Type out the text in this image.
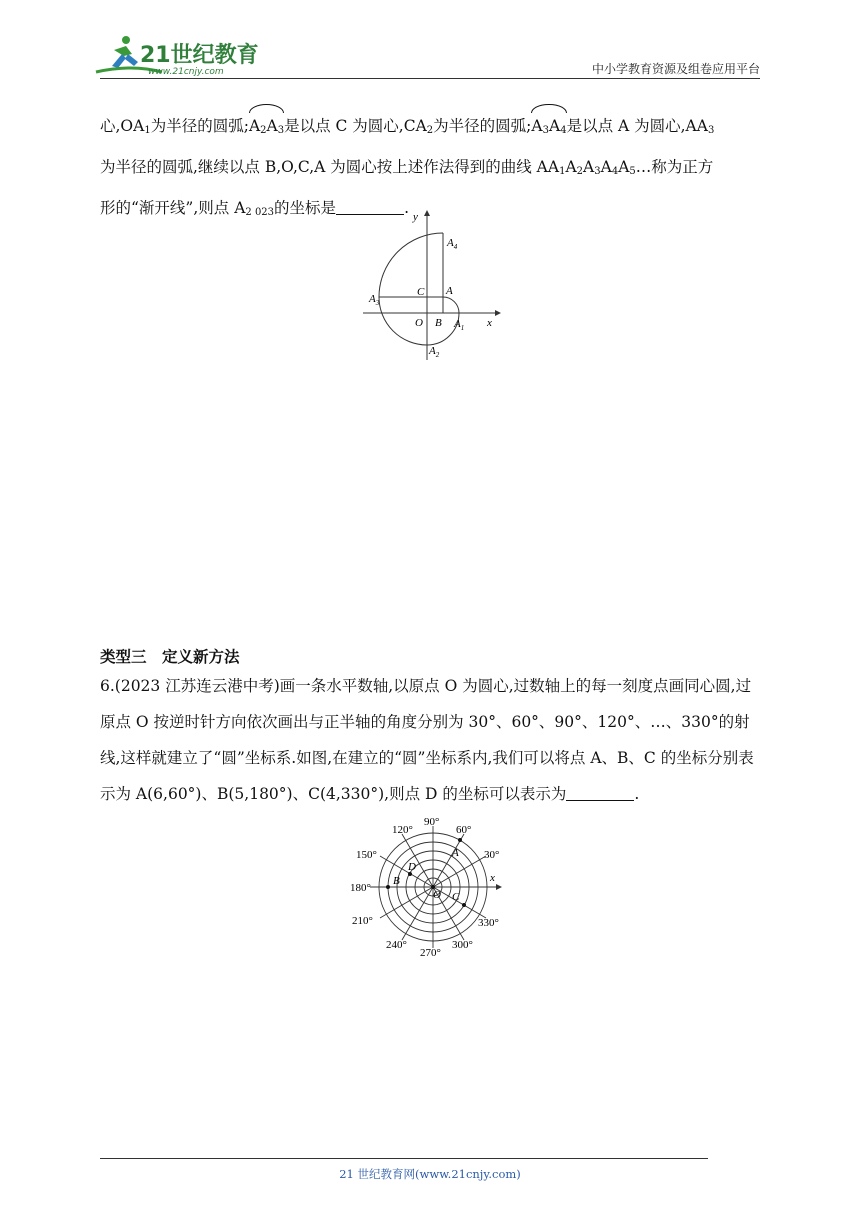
21世纪教育
www.21cnjy.com	中小学教育资源及组卷应用平台

心$,OA_1$为半径的圆弧$;A_2A_3$是以点 C 为圆心$,CA_2$为半径的圆弧$;A_3A_4$是以点 A 为圆心$,AA_3$
为半径的圆弧,继续以点 B,O,C,A 为圆心按上述作法得到的曲线 $AA_1A_2A_3A_4A_5\dots$称为正方
形的“渐开线”,则点 $A_{2 023}$的坐标是	. y
x
$A_4$
C A
$A_3$
O B $A_1$
$A_2$

类型三　定义新方法

6.(2023 江苏连云港中考)画一条水平数轴,以原点 O 为圆心,过数轴上的每一刻度点画同心圆,过原点 O 按逆时针方向依次画出与正半轴的角度分别为 30°、60°、90°、120°、…、330°的射线,这样就建立了“圆”坐标系.如图,在建立的“圆”坐标系内,我们可以将点 A、B、C 的坐标分别表示为 A(6,60°)、B(5,180°)、C(4,330°),则点 D 的坐标可以表示为	.

90°
60°
30°
120°
150°
180°
210°
240°
270°
300°
330°
A
B
C
D
O
x
21 世纪教育网(www.21cnjy.com)
